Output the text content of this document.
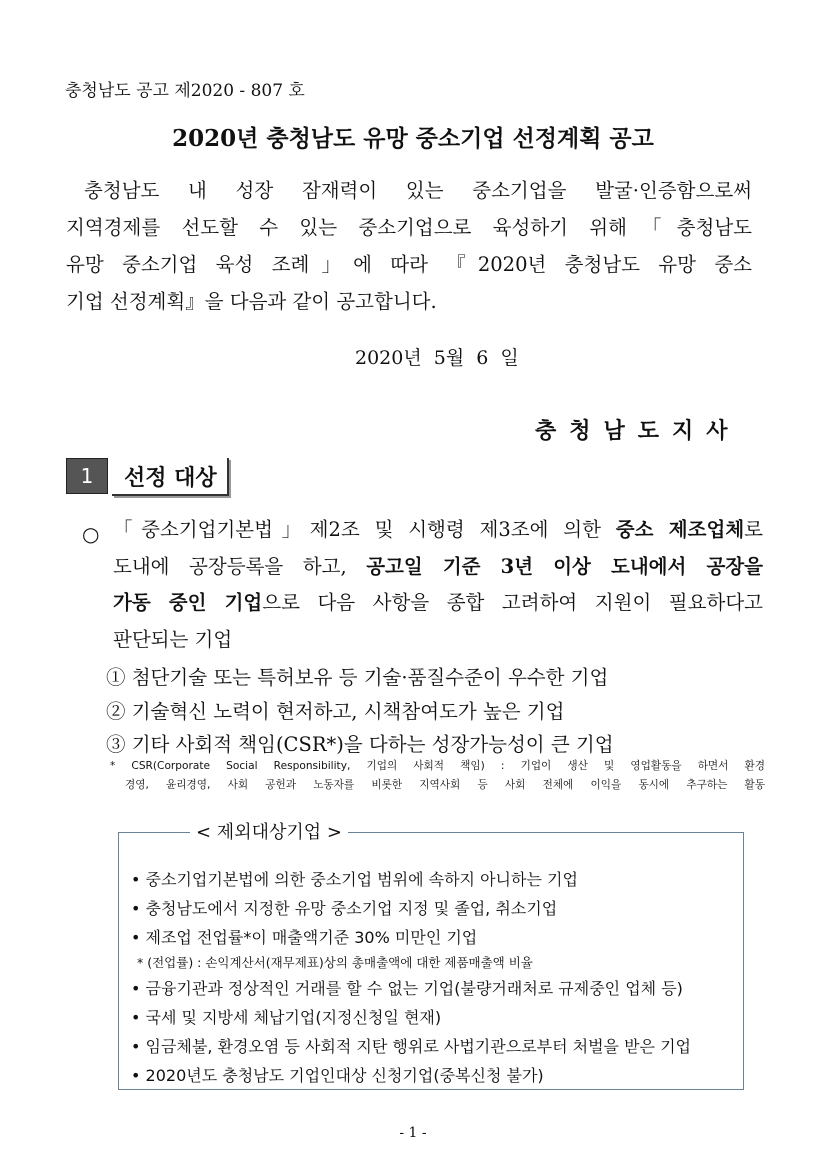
충청남도 공고 제2020 - 807 호
2020년 충청남도 유망 중소기업 선정계획 공고
충청남도 내 성장 잠재력이 있는 중소기업을 발굴·인증함으로써
지역경제를 선도할 수 있는 중소기업으로 육성하기 위해「충청남도
유망 중소기업 육성 조례」에 따라 『2020년 충청남도 유망 중소
기업 선정계획』을 다음과 같이 공고합니다.
2020년 5월 6 일
충청남도지사
1	선정 대상
○ 「중소기업기본법」제2조 및 시행령 제3조에 의한 중소 제조업체로
도내에 공장등록을 하고, 공고일 기준 3년 이상 도내에서 공장을
가동 중인 기업으로 다음 사항을 종합 고려하여 지원이 필요하다고
판단되는 기업
① 첨단기술 또는 특허보유 등 기술·품질수준이 우수한 기업
② 기술혁신 노력이 현저하고, 시책참여도가 높은 기업
③ 기타 사회적 책임(CSR*)을 다하는 성장가능성이 큰 기업
* CSR(Corporate Social Responsibility, 기업의 사회적 책임) : 기업이 생산 및 영업활동을 하면서 환경
경영, 윤리경영, 사회 공헌과 노동자를 비롯한 지역사회 등 사회 전체에 이익을 동시에 추구하는 활동
< 제외대상기업 >
• 중소기업기본법에 의한 중소기업 범위에 속하지 아니하는 기업
• 충청남도에서 지정한 유망 중소기업 지정 및 졸업, 취소기업
• 제조업 전업률*이 매출액기준 30% 미만인 기업
* (전업률) : 손익계산서(재무제표)상의 총매출액에 대한 제품매출액 비율
• 금융기관과 정상적인 거래를 할 수 없는 기업(불량거래처로 규제중인 업체 등)
• 국세 및 지방세 체납기업(지정신청일 현재)
• 임금체불, 환경오염 등 사회적 지탄 행위로 사법기관으로부터 처벌을 받은 기업
• 2020년도 충청남도 기업인대상 신청기업(중복신청 불가)
- 1 -
